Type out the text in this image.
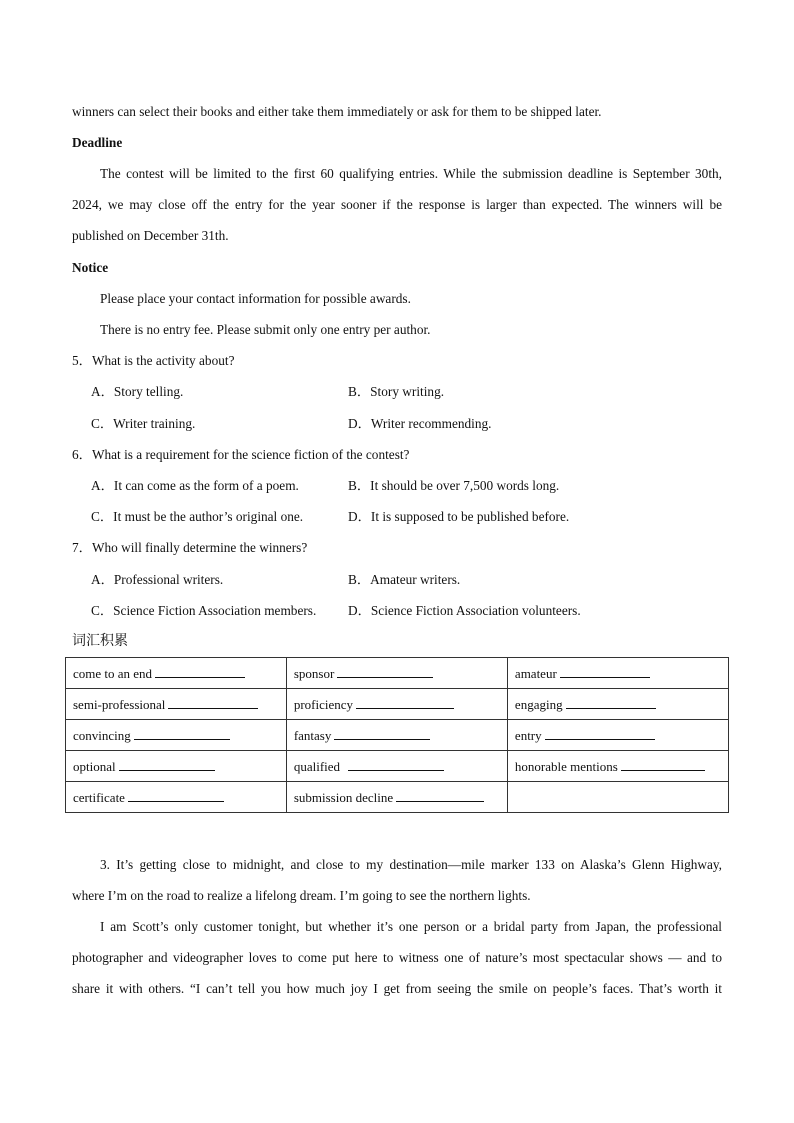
winners can select their books and either take them immediately or ask for them to be shipped later.
Deadline
The contest will be limited to the first 60 qualifying entries. While the submission deadline is September 30th,
2024, we may close off the entry for the year sooner if the response is larger than expected. The winners will be
published on December 31th.
Notice
Please place your contact information for possible awards.
There is no entry fee. Please submit only one entry per author.
5．What is the activity about?
A．Story telling.	B．Story writing.
C．Writer training.	D．Writer recommending.
6．What is a requirement for the science fiction of the contest?
A．It can come as the form of a poem.	B．It should be over 7,500 words long.
C．It must be the author’s original one.	D．It is supposed to be published before.
7．Who will finally determine the winners?
A．Professional writers.	B．Amateur writers.
C．Science Fiction Association members. D．Science Fiction Association volunteers.
词汇积累
come to an end	sponsor	amateur
semi-professional	proficiency	engaging
convincing	fantasy	entry
optional	qualified	honorable mentions
certificate	submission decline	
3. It’s getting close to midnight, and close to my destination—mile marker 133 on Alaska’s Glenn Highway,
where I’m on the road to realize a lifelong dream. I’m going to see the northern lights.
I am Scott’s only customer tonight, but whether it’s one person or a bridal party from Japan, the professional
photographer and videographer loves to come put here to witness one of nature’s most spectacular shows — and to
share it with others. “I can’t tell you how much joy I get from seeing the smile on people’s faces. That’s worth it
